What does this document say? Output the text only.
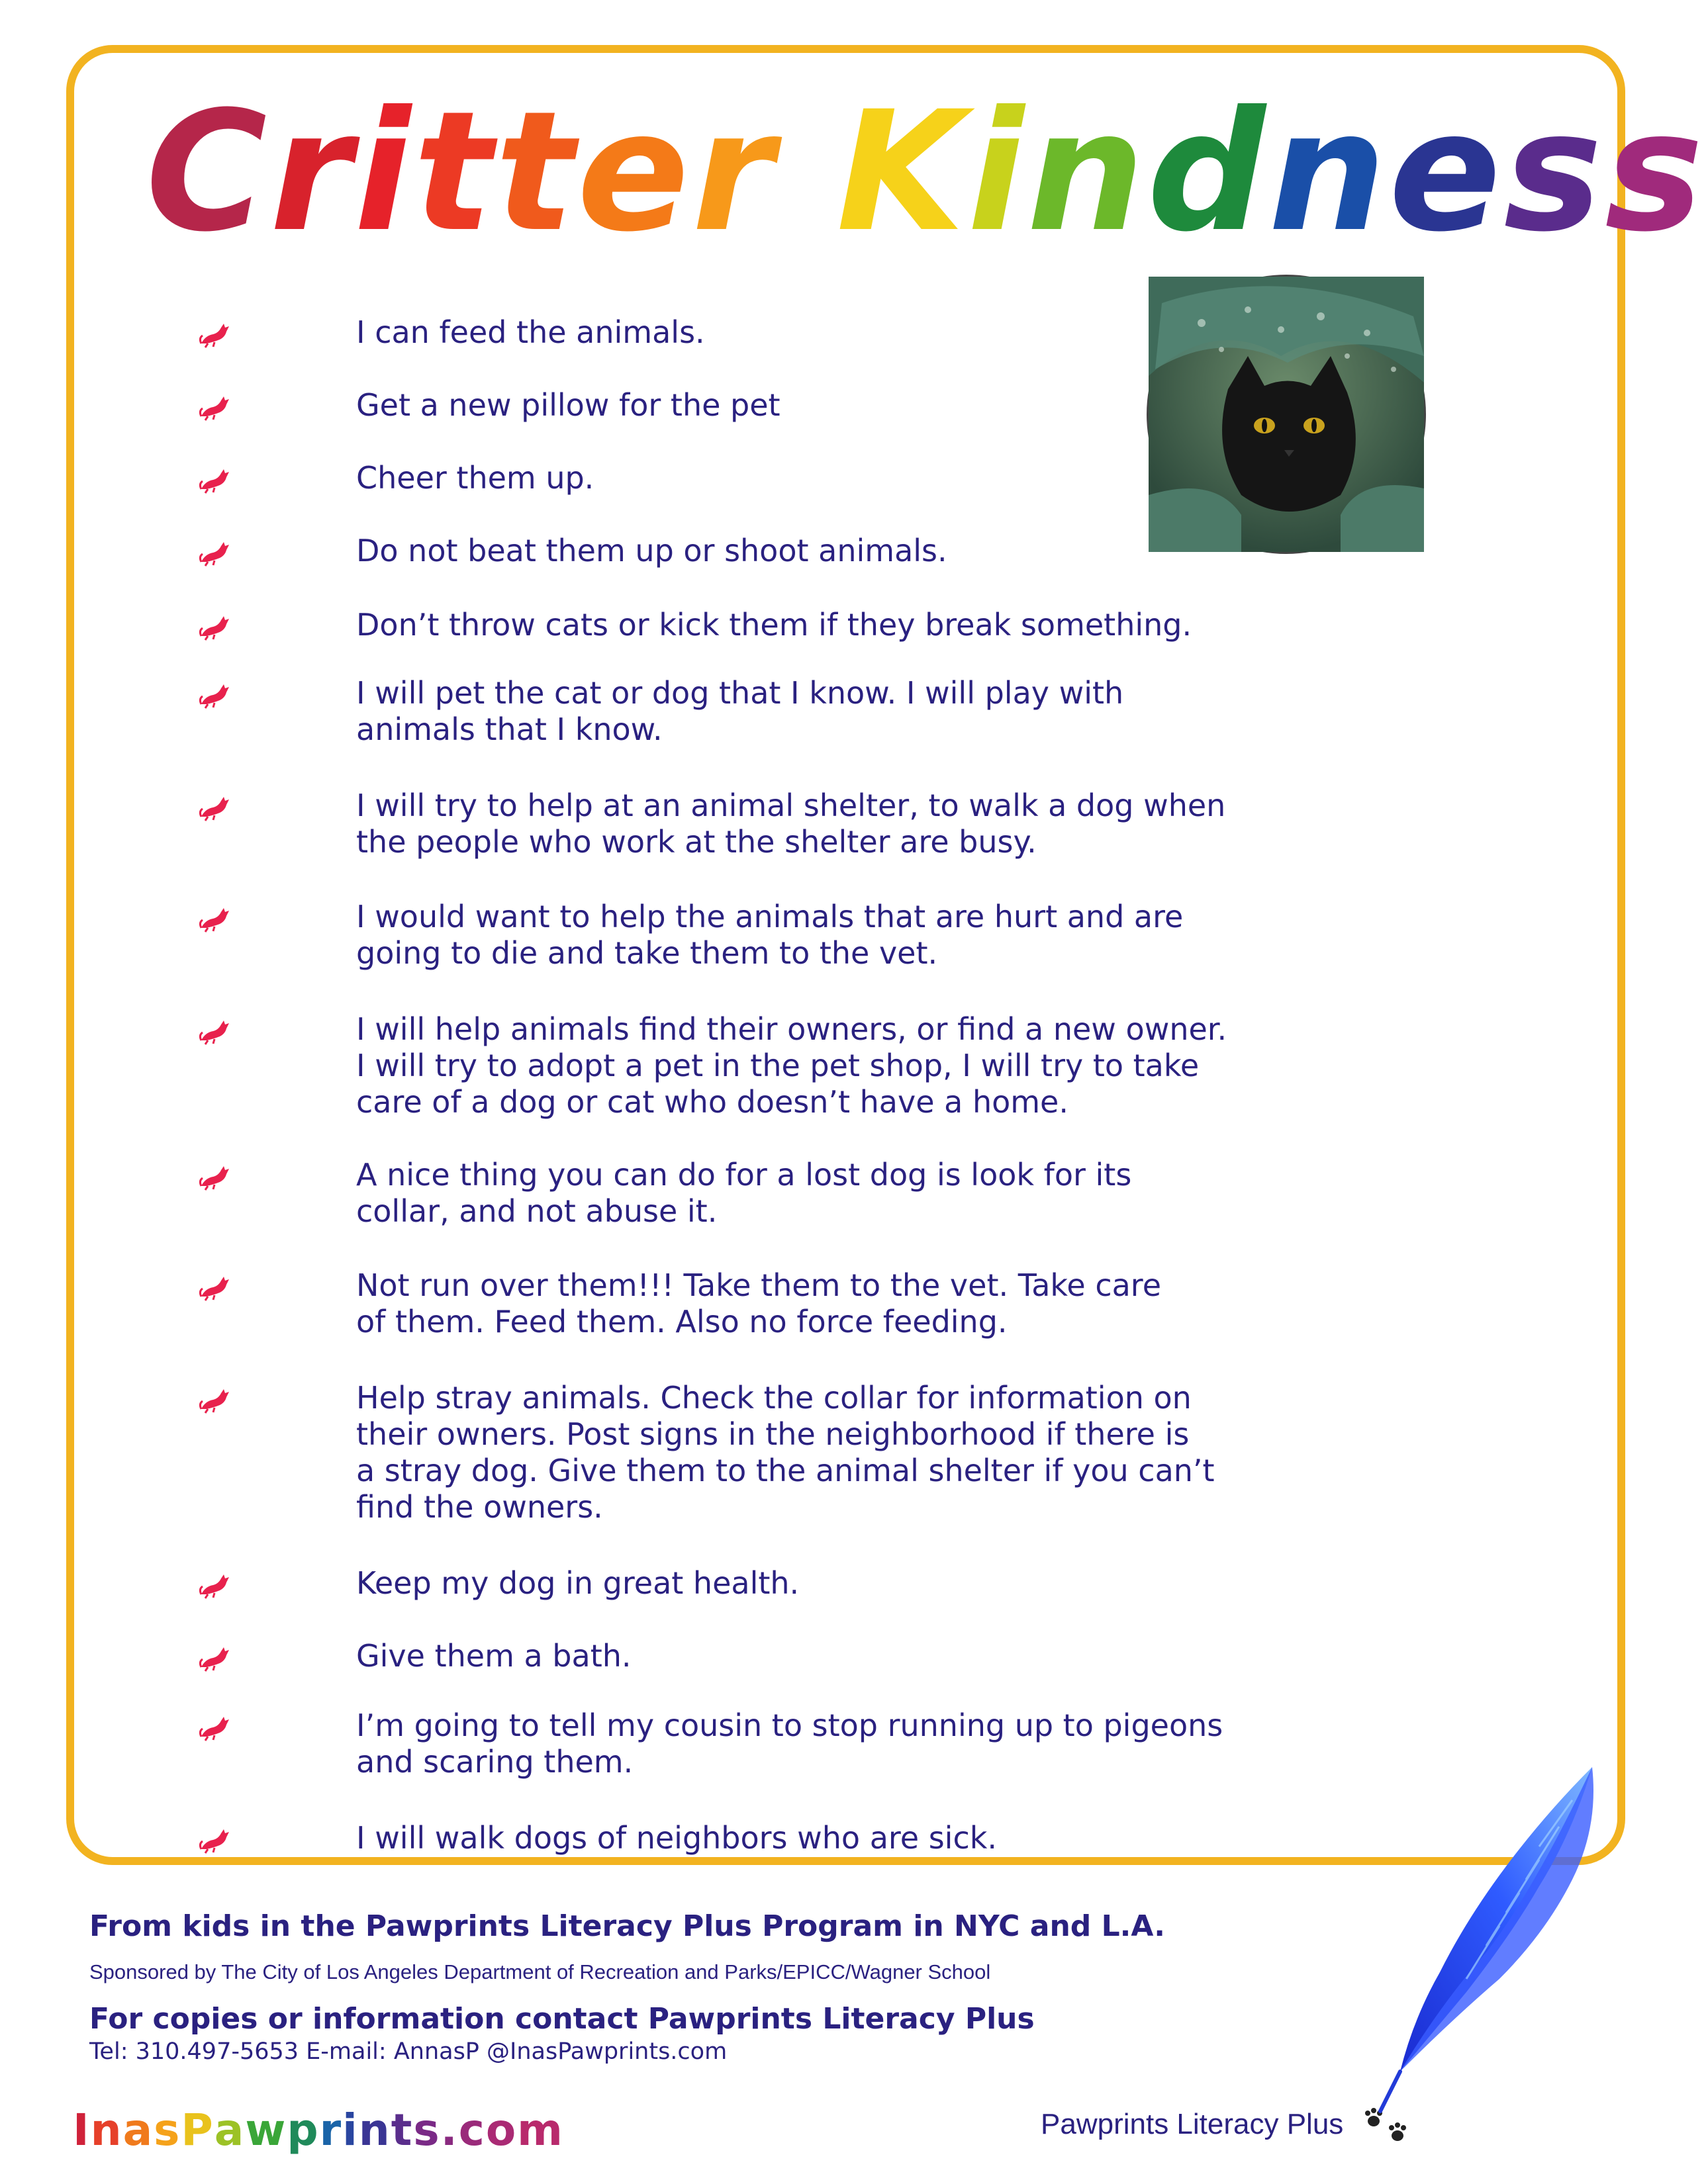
Critter Kindness
I can feed the animals.
Get a new pillow for the pet
Cheer them up.
Do not beat them up or shoot animals.
Don’t throw cats or kick them if they break something.
I will pet the cat or dog that I know. I will play with
animals that I know.
I will try to help at an animal shelter, to walk a dog when
the people who work at the shelter are busy.
I would want to help the animals that are hurt and are
going to die and take them to the vet.
I will help animals find their owners, or find a new owner.
I will try to adopt a pet in the pet shop, I will try to take
care of a dog or cat who doesn’t have a home.
A nice thing you can do for a lost dog is look for its
collar, and not abuse it.
Not run over them!!! Take them to the vet. Take care
of them. Feed them. Also no force feeding.
Help stray animals. Check the collar for information on
their owners. Post signs in the neighborhood if there is
a stray dog. Give them to the animal shelter if you can’t
find the owners.
Keep my dog in great health.
Give them a bath.
I’m going to tell my cousin to stop running up to pigeons
and scaring them.
I will walk dogs of neighbors who are sick.
From kids in the Pawprints Literacy Plus Program in NYC and L.A.
Sponsored by The City of Los Angeles Department of Recreation and Parks/EPICC/Wagner School
For copies or information contact Pawprints Literacy Plus
Tel: 310.497-5653 E-mail: AnnasP @InasPawprints.com
InasPawprints.com	Pawprints Literacy Plus
